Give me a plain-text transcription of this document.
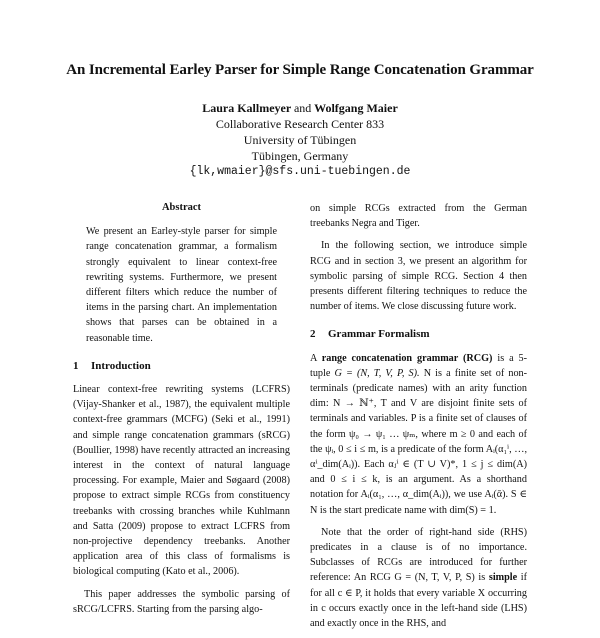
An Incremental Earley Parser for Simple Range Concatenation Grammar
Laura Kallmeyer and Wolfgang Maier
Collaborative Research Center 833
University of Tübingen
Tübingen, Germany
{lk,wmaier}@sfs.uni-tuebingen.de
Abstract

We present an Earley-style parser for simple range concatenation grammar, a formalism strongly equivalent to linear context-free rewriting systems. Furthermore, we present different filters which reduce the number of items in the parsing chart. An implementation shows that parses can be obtained in a reasonable time.

1 Introduction

Linear context-free rewriting systems (LCFRS) (Vijay-Shanker et al., 1987), the equivalent multiple context-free grammars (MCFG) (Seki et al., 1991) and simple range concatenation grammars (sRCG) (Boullier, 1998) have recently attracted an increasing interest in the context of natural language processing. For example, Maier and Søgaard (2008) propose to extract simple RCGs from constituency treebanks with crossing branches while Kuhlmann and Satta (2009) propose to extract LCFRS from non-projective dependency treebanks. Another application area of this class of formalisms is biological computing (Kato et al., 2006).

This paper addresses the symbolic parsing of sRCG/LCFRS. Starting from the parsing algo-

on simple RCGs extracted from the German treebanks Negra and Tiger.

In the following section, we introduce simple RCG and in section 3, we present an algorithm for symbolic parsing of simple RCG. Section 4 then presents different filtering techniques to reduce the number of items. We close discussing future work.

2 Grammar Formalism

A range concatenation grammar (RCG) is a 5-tuple G = (N, T, V, P, S). N is a finite set of non-terminals (predicate names) with an arity function dim: N → ℕ⁺, T and V are disjoint finite sets of terminals and variables. P is a finite set of clauses of the form ψ₀ → ψ₁ … ψₘ, where m ≥ 0 and each of the ψᵢ, 0 ≤ i ≤ m, is a predicate of the form Aᵢ(α₁ⁱ, …, αⁱ_dim(Aᵢ)). Each αⱼⁱ ∈ (T ∪ V)*, 1 ≤ j ≤ dim(A) and 0 ≤ i ≤ k, is an argument. As a shorthand notation for Aᵢ(α₁, …, α_dim(Aᵢ)), we use Aᵢ(ᾱ). S ∈ N is the start predicate name with dim(S) = 1.

Note that the order of right-hand side (RHS) predicates in a clause is of no importance. Subclasses of RCGs are introduced for further reference: An RCG G = (N, T, V, P, S) is simple if for all c ∈ P, it holds that every variable X occurring in c occurs exactly once in the left-hand side (LHS) and exactly once in the RHS, and
